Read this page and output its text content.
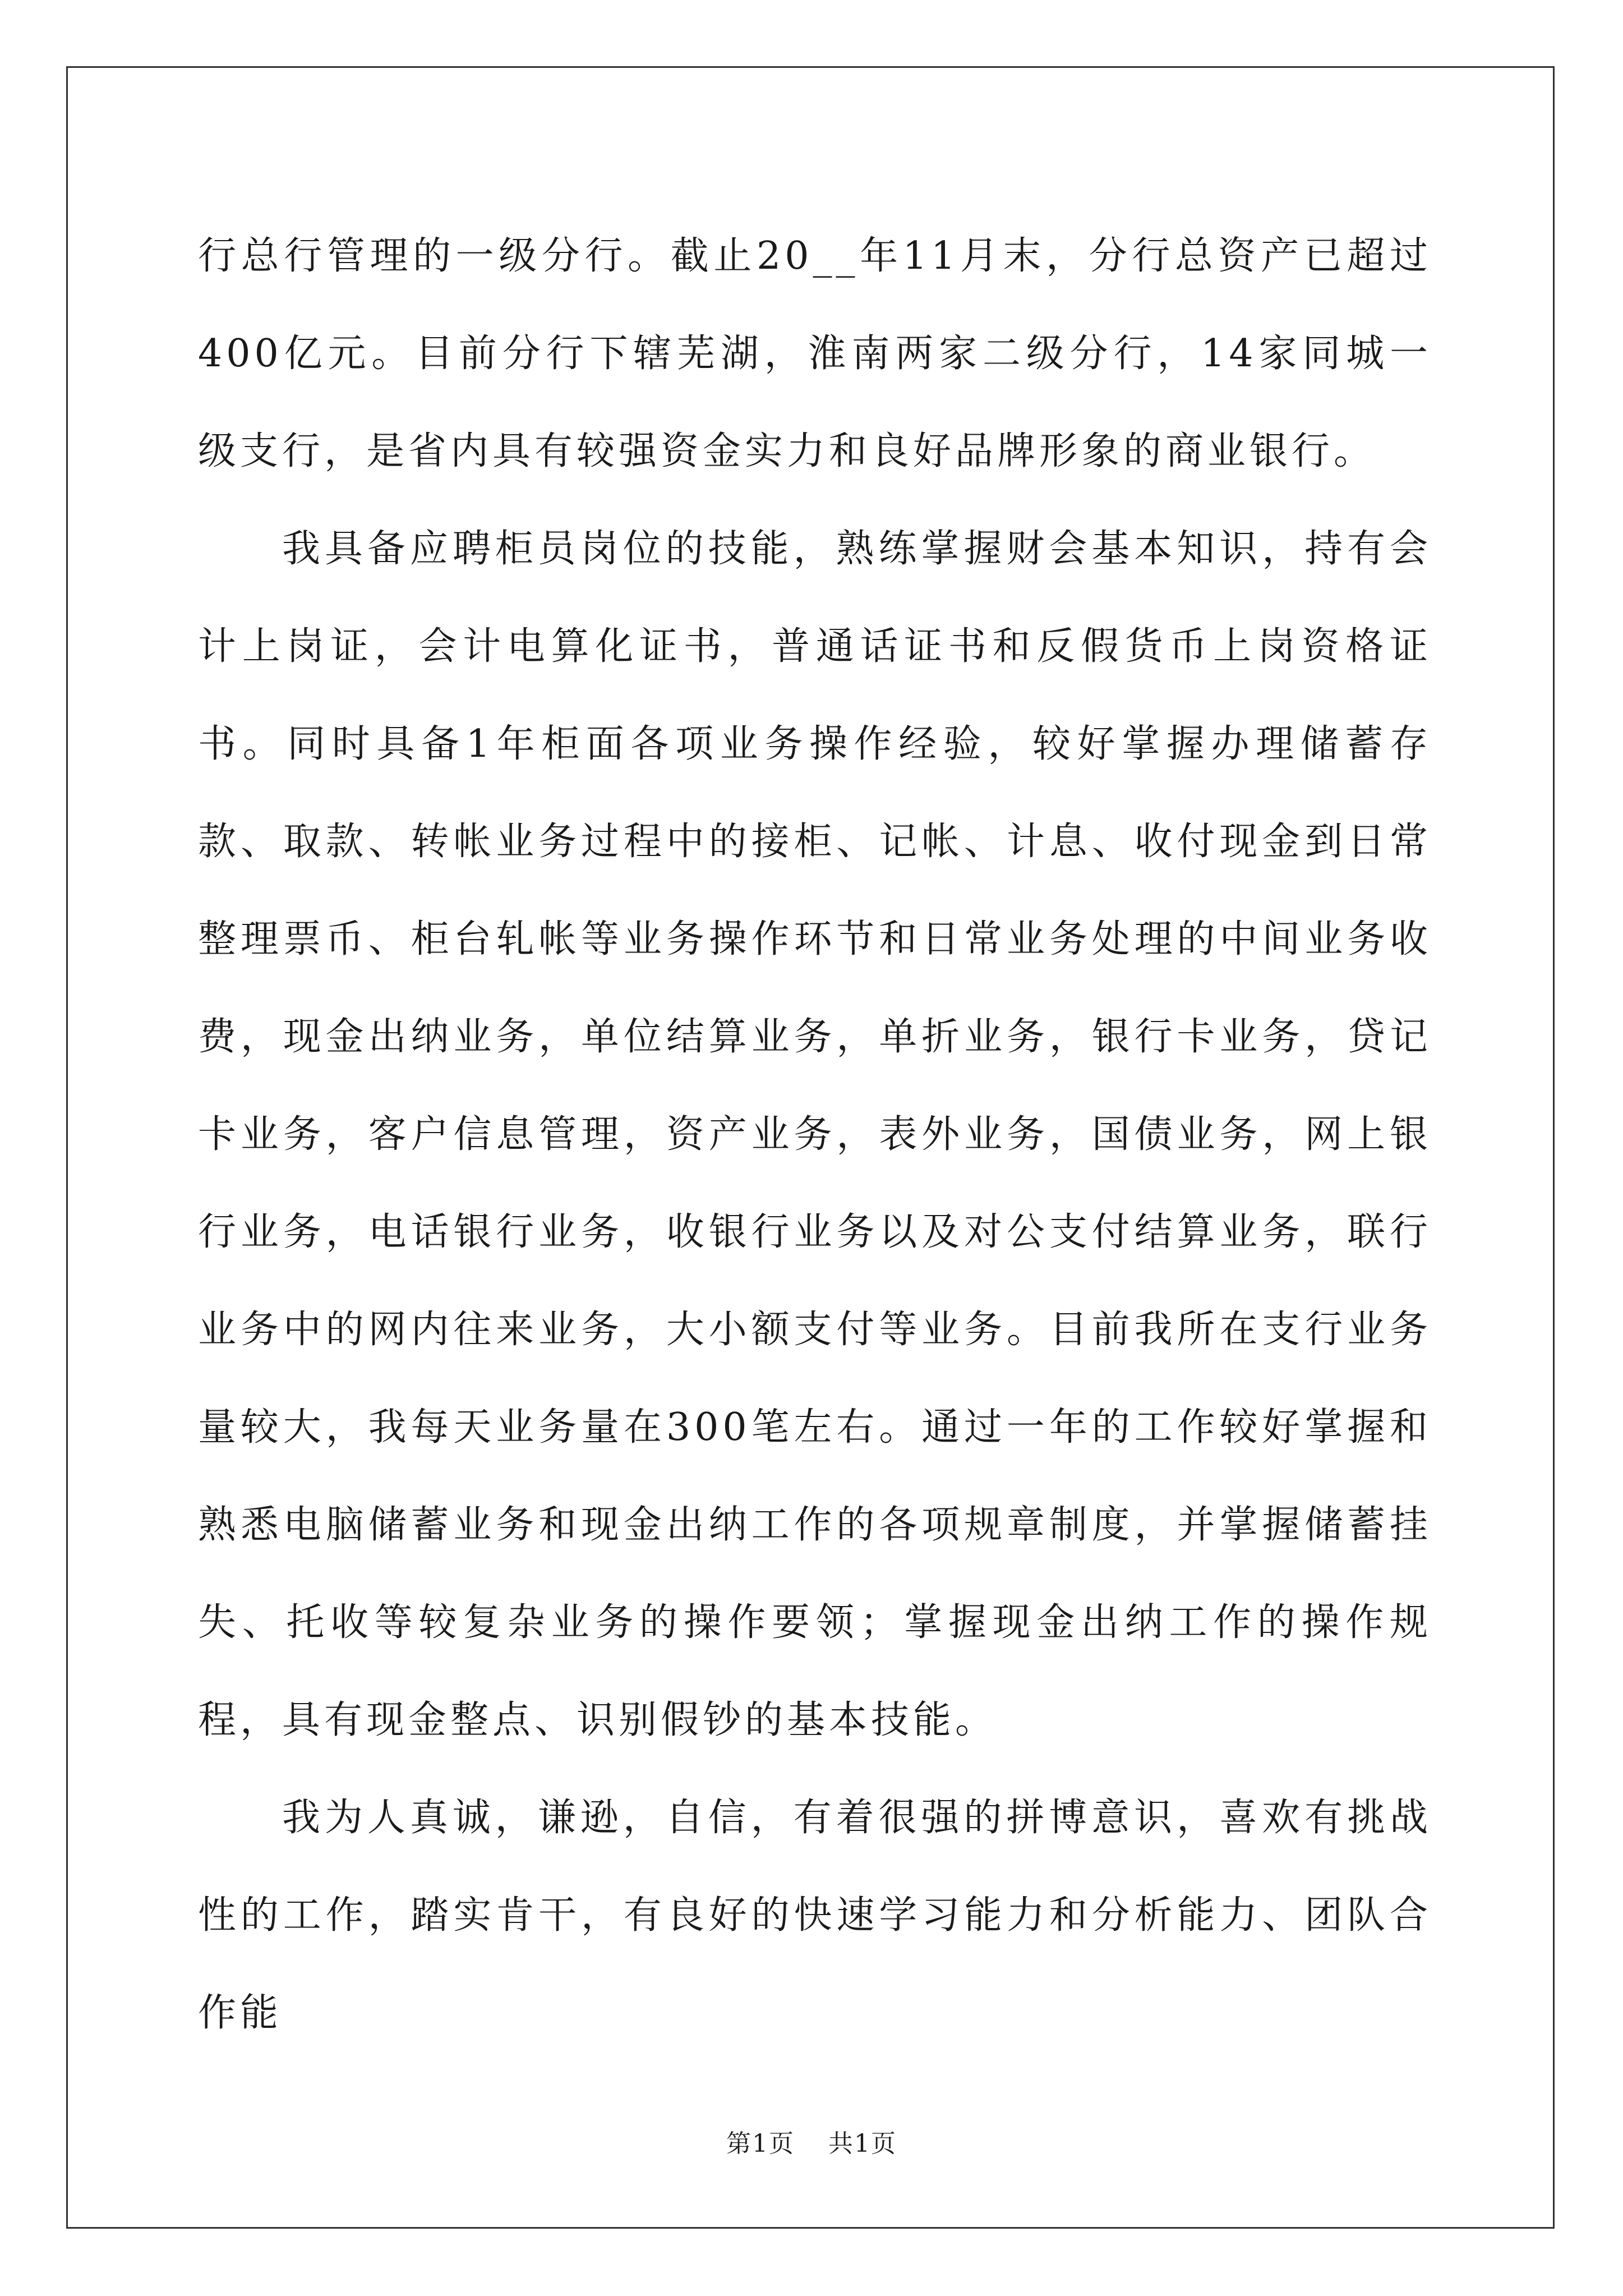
行总行管理的一级分行。截止20__年11月末，分行总资产已超过400亿元。目前分行下辖芜湖，淮南两家二级分行，14家同城一级支行，是省内具有较强资金实力和良好品牌形象的商业银行。

我具备应聘柜员岗位的技能，熟练掌握财会基本知识，持有会计上岗证，会计电算化证书，普通话证书和反假货币上岗资格证书。同时具备1年柜面各项业务操作经验，较好掌握办理储蓄存款、取款、转帐业务过程中的接柜、记帐、计息、收付现金到日常整理票币、柜台轧帐等业务操作环节和日常业务处理的中间业务收费，现金出纳业务，单位结算业务，单折业务，银行卡业务，贷记卡业务，客户信息管理，资产业务，表外业务，国债业务，网上银行业务，电话银行业务，收银行业务以及对公支付结算业务，联行业务中的网内往来业务，大小额支付等业务。目前我所在支行业务量较大，我每天业务量在300笔左右。通过一年的工作较好掌握和熟悉电脑储蓄业务和现金出纳工作的各项规章制度，并掌握储蓄挂失、托收等较复杂业务的操作要领；掌握现金出纳工作的操作规程，具有现金整点、识别假钞的基本技能。

我为人真诚，谦逊，自信，有着很强的拼博意识，喜欢有挑战性的工作，踏实肯干，有良好的快速学习能力和分析能力、团队合作能

第1页 共1页
